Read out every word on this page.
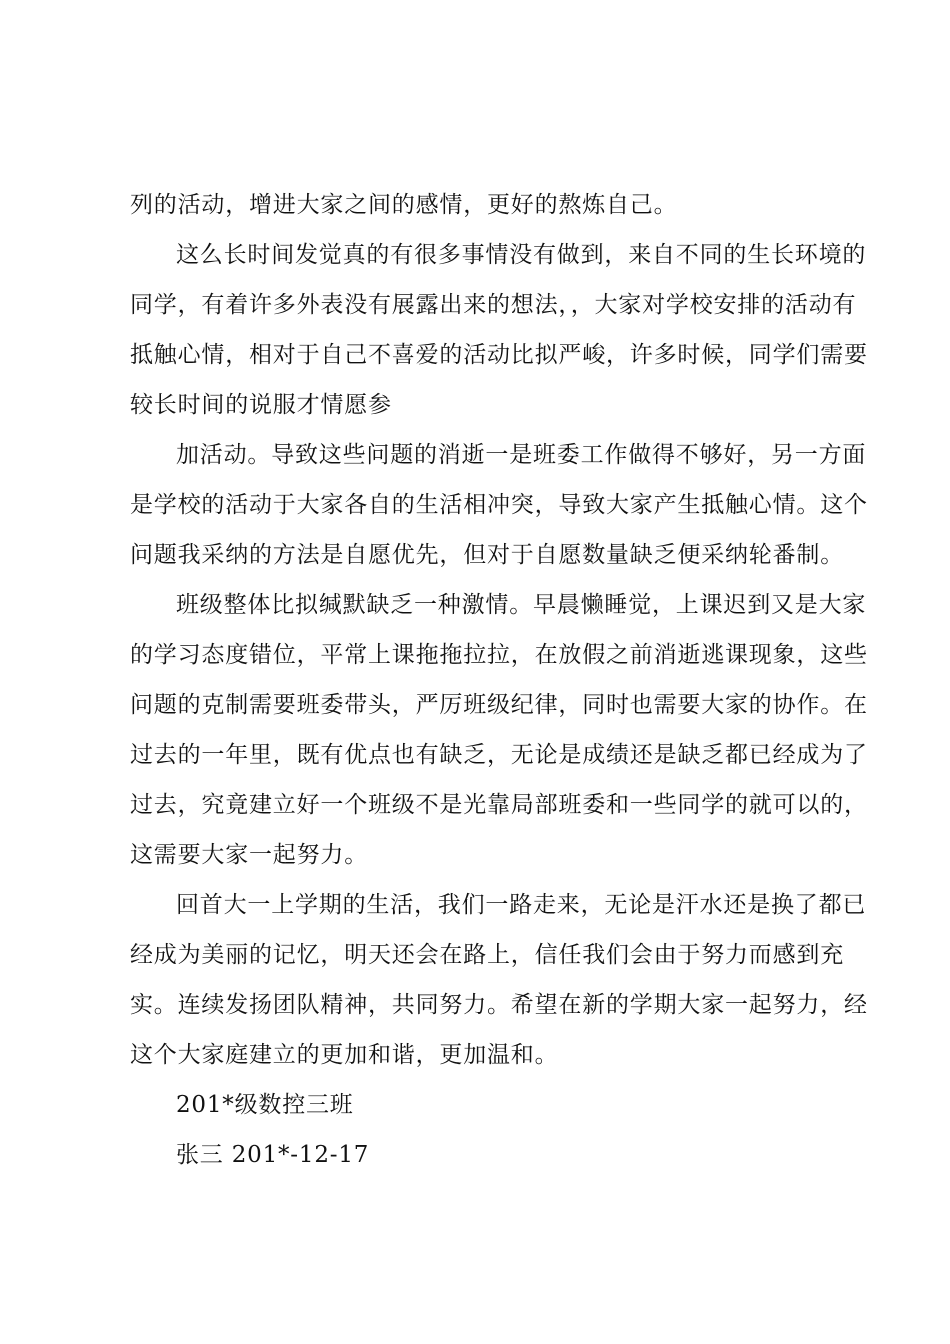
列的活动，增进大家之间的感情，更好的熬炼自己。

这么长时间发觉真的有很多事情没有做到，来自不同的生长环境的

同学，有着许多外表没有展露出来的想法，，大家对学校安排的活动有

抵触心情，相对于自己不喜爱的活动比拟严峻，许多时候，同学们需要

较长时间的说服才情愿参

加活动。导致这些问题的消逝一是班委工作做得不够好，另一方面

是学校的活动于大家各自的生活相冲突，导致大家产生抵触心情。这个

问题我采纳的方法是自愿优先，但对于自愿数量缺乏便采纳轮番制。

班级整体比拟缄默缺乏一种激情。早晨懒睡觉，上课迟到又是大家

的学习态度错位，平常上课拖拖拉拉，在放假之前消逝逃课现象，这些

问题的克制需要班委带头，严厉班级纪律，同时也需要大家的协作。在

过去的一年里，既有优点也有缺乏，无论是成绩还是缺乏都已经成为了

过去，究竟建立好一个班级不是光靠局部班委和一些同学的就可以的，

这需要大家一起努力。

回首大一上学期的生活，我们一路走来，无论是汗水还是换了都已

经成为美丽的记忆，明天还会在路上，信任我们会由于努力而感到充

实。连续发扬团队精神，共同努力。希望在新的学期大家一起努力，经

这个大家庭建立的更加和谐，更加温和。

201*级数控三班

张三 201*-12-17
